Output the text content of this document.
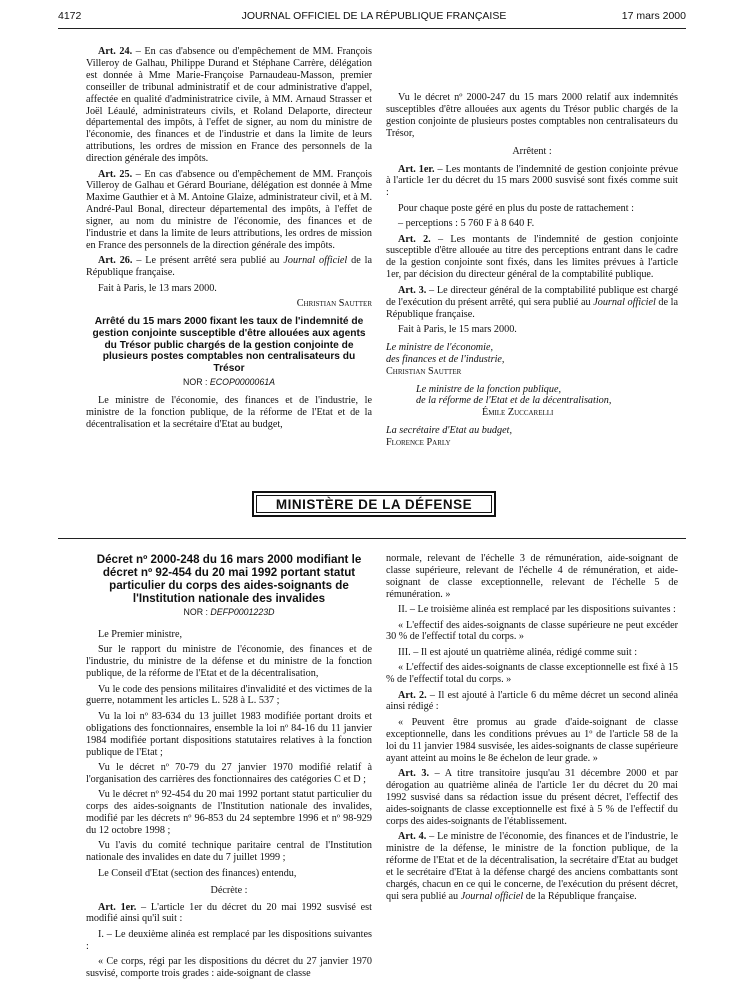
4172	JOURNAL OFFICIEL DE LA RÉPUBLIQUE FRANÇAISE	17 mars 2000

Art. 24. – En cas d'absence ou d'empêchement de MM. François Villeroy de Galhau, Philippe Durand et Stéphane Carrère, délégation est donnée à Mme Marie-Françoise Parnaudeau-Masson, premier conseiller de tribunal administratif et de cour administrative d'appel, affectée en qualité d'administratrice civile, à MM. Arnaud Strasser et Joël Léaulé, administrateurs civils, et Roland Delaporte, directeur départemental des impôts, à l'effet de signer, au nom du ministre de l'économie, des finances et de l'industrie et dans la limite de leurs attributions, les ordres de mission en France des personnels de la direction générale des impôts.

Art. 25. – En cas d'absence ou d'empêchement de MM. François Villeroy de Galhau et Gérard Bouriane, délégation est donnée à Mme Maxime Gauthier et à M. Antoine Glaize, administrateur civil, et à M. André-Paul Bonal, directeur départemental des impôts, à l'effet de signer, au nom du ministre de l'économie, des finances et de l'industrie et dans la limite de leurs attributions, les ordres de mission en France des personnels de la direction générale des impôts.

Art. 26. – Le présent arrêté sera publié au Journal officiel de la République française.

Fait à Paris, le 13 mars 2000.

Christian Sautter

Arrêté du 15 mars 2000 fixant les taux de l'indemnité de gestion conjointe susceptible d'être allouées aux agents du Trésor public chargés de la gestion conjointe de plusieurs postes comptables non centralisateurs du Trésor
NOR : ECOP0000061A

Le ministre de l'économie, des finances et de l'industrie, le ministre de la fonction publique, de la réforme de l'Etat et de la décentralisation et la secrétaire d'Etat au budget,

Vu le décret nº 2000-247 du 15 mars 2000 relatif aux indemnités susceptibles d'être allouées aux agents du Trésor public chargés de la gestion conjointe de plusieurs postes comptables non centralisateurs du Trésor,

Arrêtent :

Art. 1er. – Les montants de l'indemnité de gestion conjointe prévue à l'article 1er du décret du 15 mars 2000 susvisé sont fixés comme suit :

Pour chaque poste géré en plus du poste de rattachement :

– perceptions : 5 760 F à 8 640 F.

Art. 2. – Les montants de l'indemnité de gestion conjointe susceptible d'être allouée au titre des perceptions entrant dans le cadre de la gestion conjointe sont fixés, dans les limites prévues à l'article 1er, par décision du directeur général de la comptabilité publique.

Art. 3. – Le directeur général de la comptabilité publique est chargé de l'exécution du présent arrêté, qui sera publié au Journal officiel de la République française.

Fait à Paris, le 15 mars 2000.

Le ministre de l'économie,
des finances et de l'industrie,
Christian Sautter
Le ministre de la fonction publique,
de la réforme de l'Etat et de la décentralisation,
Émile Zuccarelli
La secrétaire d'Etat au budget,
Florence Parly
MINISTÈRE DE LA DÉFENSE
Décret nº 2000-248 du 16 mars 2000 modifiant le décret nº 92-454 du 20 mai 1992 portant statut particulier du corps des aides-soignants de l'Institution nationale des invalides
NOR : DEFP0001223D

Le Premier ministre,

Sur le rapport du ministre de l'économie, des finances et de l'industrie, du ministre de la défense et du ministre de la fonction publique, de la réforme de l'Etat et de la décentralisation,

Vu le code des pensions militaires d'invalidité et des victimes de la guerre, notamment les articles L. 528 à L. 537 ;

Vu la loi nº 83-634 du 13 juillet 1983 modifiée portant droits et obligations des fonctionnaires, ensemble la loi nº 84-16 du 11 janvier 1984 modifiée portant dispositions statutaires relatives à la fonction publique de l'Etat ;

Vu le décret nº 70-79 du 27 janvier 1970 modifié relatif à l'organisation des carrières des fonctionnaires des catégories C et D ;

Vu le décret nº 92-454 du 20 mai 1992 portant statut particulier du corps des aides-soignants de l'Institution nationale des invalides, modifié par les décrets nº 96-853 du 24 septembre 1996 et nº 98-929 du 12 octobre 1998 ;

Vu l'avis du comité technique paritaire central de l'Institution nationale des invalides en date du 7 juillet 1999 ;

Le Conseil d'Etat (section des finances) entendu,

Décrète :

Art. 1er. – L'article 1er du décret du 20 mai 1992 susvisé est modifié ainsi qu'il suit :

I. – Le deuxième alinéa est remplacé par les dispositions suivantes :

« Ce corps, régi par les dispositions du décret du 27 janvier 1970 susvisé, comporte trois grades : aide-soignant de classe

normale, relevant de l'échelle 3 de rémunération, aide-soignant de classe supérieure, relevant de l'échelle 4 de rémunération, et aide-soignant de classe exceptionnelle, relevant de l'échelle 5 de rémunération. »

II. – Le troisième alinéa est remplacé par les dispositions suivantes :

« L'effectif des aides-soignants de classe supérieure ne peut excéder 30 % de l'effectif total du corps. »

III. – Il est ajouté un quatrième alinéa, rédigé comme suit :

« L'effectif des aides-soignants de classe exceptionnelle est fixé à 15 % de l'effectif total du corps. »

Art. 2. – Il est ajouté à l'article 6 du même décret un second alinéa ainsi rédigé :

« Peuvent être promus au grade d'aide-soignant de classe exceptionnelle, dans les conditions prévues au 1º de l'article 58 de la loi du 11 janvier 1984 susvisée, les aides-soignants de classe supérieure ayant atteint au moins le 8e échelon de leur grade. »

Art. 3. – A titre transitoire jusqu'au 31 décembre 2000 et par dérogation au quatrième alinéa de l'article 1er du décret du 20 mai 1992 susvisé dans sa rédaction issue du présent décret, l'effectif des aides-soignants de classe exceptionnelle est fixé à 5 % de l'effectif du corps des aides-soignants de l'établissement.

Art. 4. – Le ministre de l'économie, des finances et de l'industrie, le ministre de la défense, le ministre de la fonction publique, de la réforme de l'Etat et de la décentralisation, la secrétaire d'Etat au budget et le secrétaire d'Etat à la défense chargé des anciens combattants sont chargés, chacun en ce qui le concerne, de l'exécution du présent décret, qui sera publié au Journal officiel de la République française.
